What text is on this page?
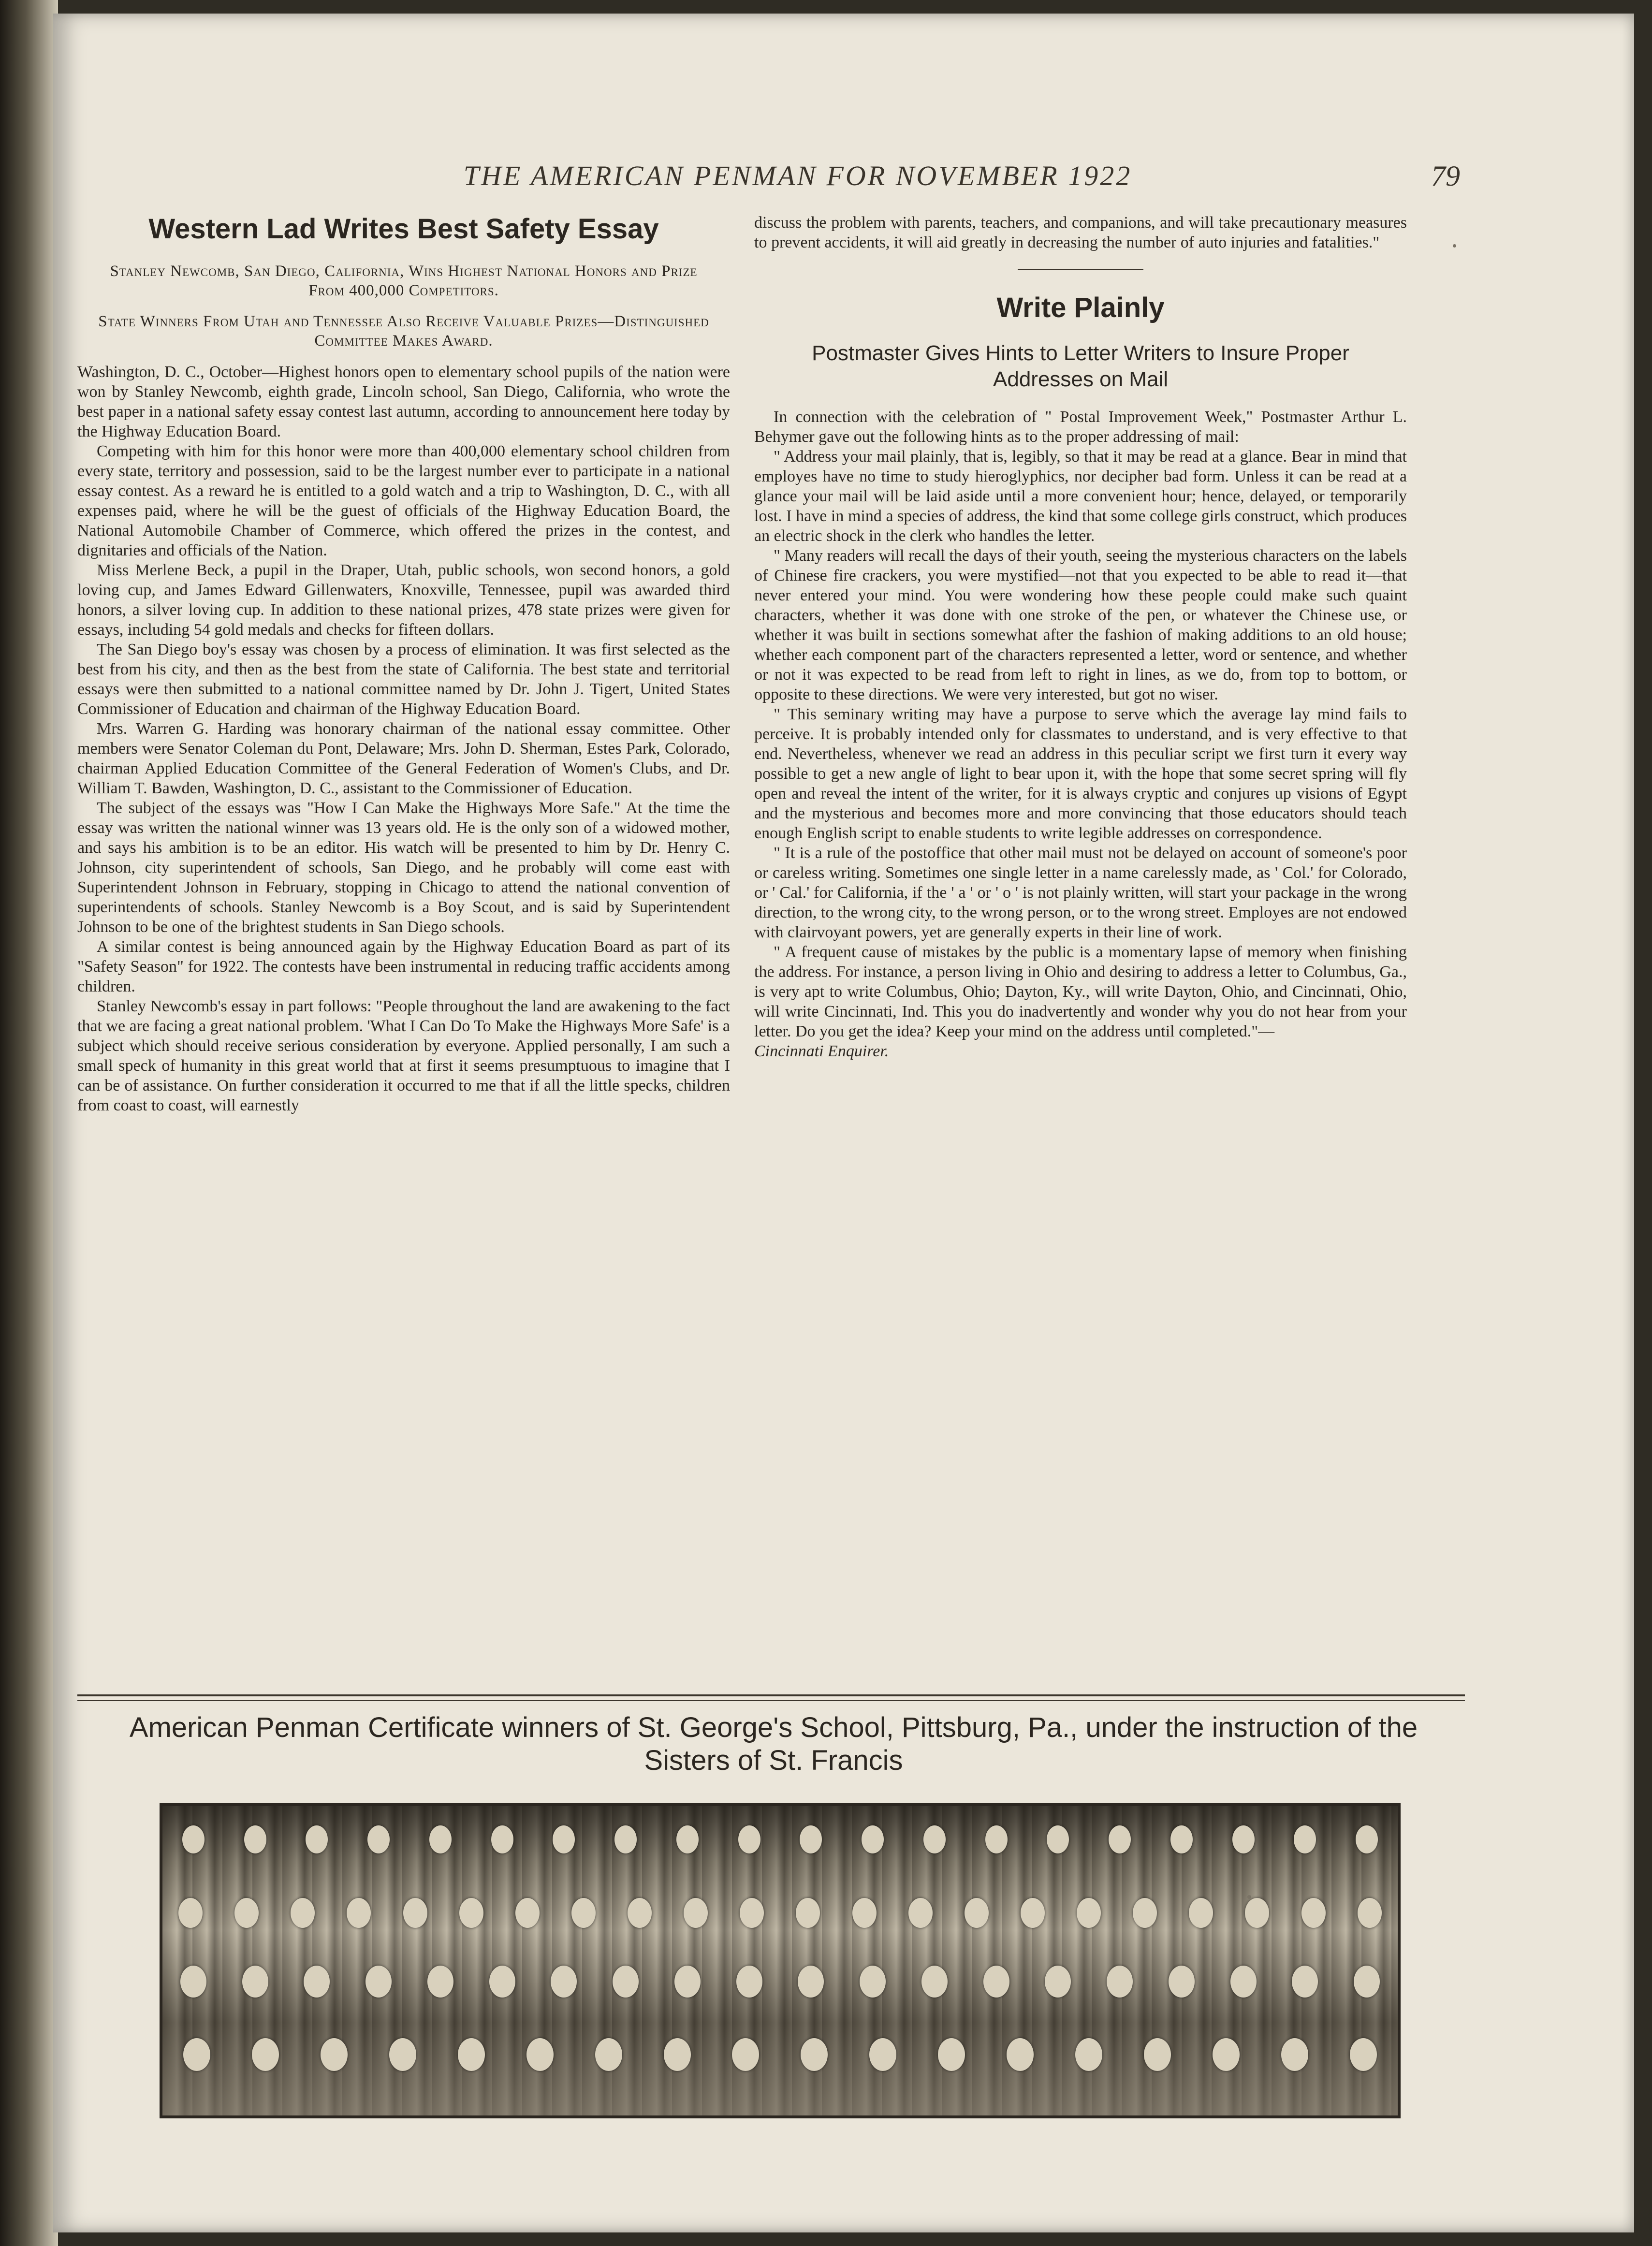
THE AMERICAN PENMAN FOR NOVEMBER 1922	79
Western Lad Writes Best Safety Essay
Stanley Newcomb, San Diego, California, Wins Highest National Honors and Prize From 400,000 Competitors.
State Winners From Utah and Tennessee Also Receive Valuable Prizes—Distinguished Committee Makes Award.

Washington, D. C., October—Highest honors open to elementary school pupils of the nation were won by Stanley Newcomb, eighth grade, Lincoln school, San Diego, California, who wrote the best paper in a national safety essay contest last autumn, according to announcement here today by the Highway Education Board.

Competing with him for this honor were more than 400,000 elementary school children from every state, territory and possession, said to be the largest number ever to participate in a national essay contest. As a reward he is entitled to a gold watch and a trip to Washington, D. C., with all expenses paid, where he will be the guest of officials of the Highway Education Board, the National Automobile Chamber of Commerce, which offered the prizes in the contest, and dignitaries and officials of the Nation.

Miss Merlene Beck, a pupil in the Draper, Utah, public schools, won second honors, a gold loving cup, and James Edward Gillenwaters, Knoxville, Tennessee, pupil was awarded third honors, a silver loving cup. In addition to these national prizes, 478 state prizes were given for essays, including 54 gold medals and checks for fifteen dollars.

The San Diego boy's essay was chosen by a process of elimination. It was first selected as the best from his city, and then as the best from the state of California. The best state and territorial essays were then submitted to a national committee named by Dr. John J. Tigert, United States Commissioner of Education and chairman of the Highway Education Board.

Mrs. Warren G. Harding was honorary chairman of the national essay committee. Other members were Senator Coleman du Pont, Delaware; Mrs. John D. Sherman, Estes Park, Colorado, chairman Applied Education Committee of the General Federation of Women's Clubs, and Dr. William T. Bawden, Washington, D. C., assistant to the Commissioner of Education.

The subject of the essays was "How I Can Make the Highways More Safe." At the time the essay was written the national winner was 13 years old. He is the only son of a widowed mother, and says his ambition is to be an editor. His watch will be presented to him by Dr. Henry C. Johnson, city superintendent of schools, San Diego, and he probably will come east with Superintendent Johnson in February, stopping in Chicago to attend the national convention of superintendents of schools. Stanley Newcomb is a Boy Scout, and is said by Superintendent Johnson to be one of the brightest students in San Diego schools.

A similar contest is being announced again by the Highway Education Board as part of its "Safety Season" for 1922. The contests have been instrumental in reducing traffic accidents among children.

Stanley Newcomb's essay in part follows: "People throughout the land are awakening to the fact that we are facing a great national problem. 'What I Can Do To Make the Highways More Safe' is a subject which should receive serious consideration by everyone. Applied personally, I am such a small speck of humanity in this great world that at first it seems presumptuous to imagine that I can be of assistance. On further consideration it occurred to me that if all the little specks, children from coast to coast, will earnestly

discuss the problem with parents, teachers, and companions, and will take precautionary measures to prevent accidents, it will aid greatly in decreasing the number of auto injuries and fatalities."

Write Plainly
Postmaster Gives Hints to Letter Writers to Insure Proper Addresses on Mail

In connection with the celebration of " Postal Improvement Week," Postmaster Arthur L. Behymer gave out the following hints as to the proper addressing of mail:

" Address your mail plainly, that is, legibly, so that it may be read at a glance. Bear in mind that employes have no time to study hieroglyphics, nor decipher bad form. Unless it can be read at a glance your mail will be laid aside until a more convenient hour; hence, delayed, or temporarily lost. I have in mind a species of address, the kind that some college girls construct, which produces an electric shock in the clerk who handles the letter.

" Many readers will recall the days of their youth, seeing the mysterious characters on the labels of Chinese fire crackers, you were mystified—not that you expected to be able to read it—that never entered your mind. You were wondering how these people could make such quaint characters, whether it was done with one stroke of the pen, or whatever the Chinese use, or whether it was built in sections somewhat after the fashion of making additions to an old house; whether each component part of the characters represented a letter, word or sentence, and whether or not it was expected to be read from left to right in lines, as we do, from top to bottom, or opposite to these directions. We were very interested, but got no wiser.

" This seminary writing may have a purpose to serve which the average lay mind fails to perceive. It is probably intended only for classmates to understand, and is very effective to that end. Nevertheless, whenever we read an address in this peculiar script we first turn it every way possible to get a new angle of light to bear upon it, with the hope that some secret spring will fly open and reveal the intent of the writer, for it is always cryptic and conjures up visions of Egypt and the mysterious and becomes more and more convincing that those educators should teach enough English script to enable students to write legible addresses on correspondence.

" It is a rule of the postoffice that other mail must not be delayed on account of someone's poor or careless writing. Sometimes one single letter in a name carelessly made, as ' Col.' for Colorado, or ' Cal.' for California, if the ' a ' or ' o ' is not plainly written, will start your package in the wrong direction, to the wrong city, to the wrong person, or to the wrong street. Employes are not endowed with clairvoyant powers, yet are generally experts in their line of work.

" A frequent cause of mistakes by the public is a momentary lapse of memory when finishing the address. For instance, a person living in Ohio and desiring to address a letter to Columbus, Ga., is very apt to write Columbus, Ohio; Dayton, Ky., will write Dayton, Ohio, and Cincinnati, Ohio, will write Cincinnati, Ind. This you do inadvertently and wonder why you do not hear from your letter. Do you get the idea? Keep your mind on the address until completed."—

Cincinnati Enquirer.

American Penman Certificate winners of St. George's School, Pittsburg, Pa., under the instruction of the Sisters of St. Francis
